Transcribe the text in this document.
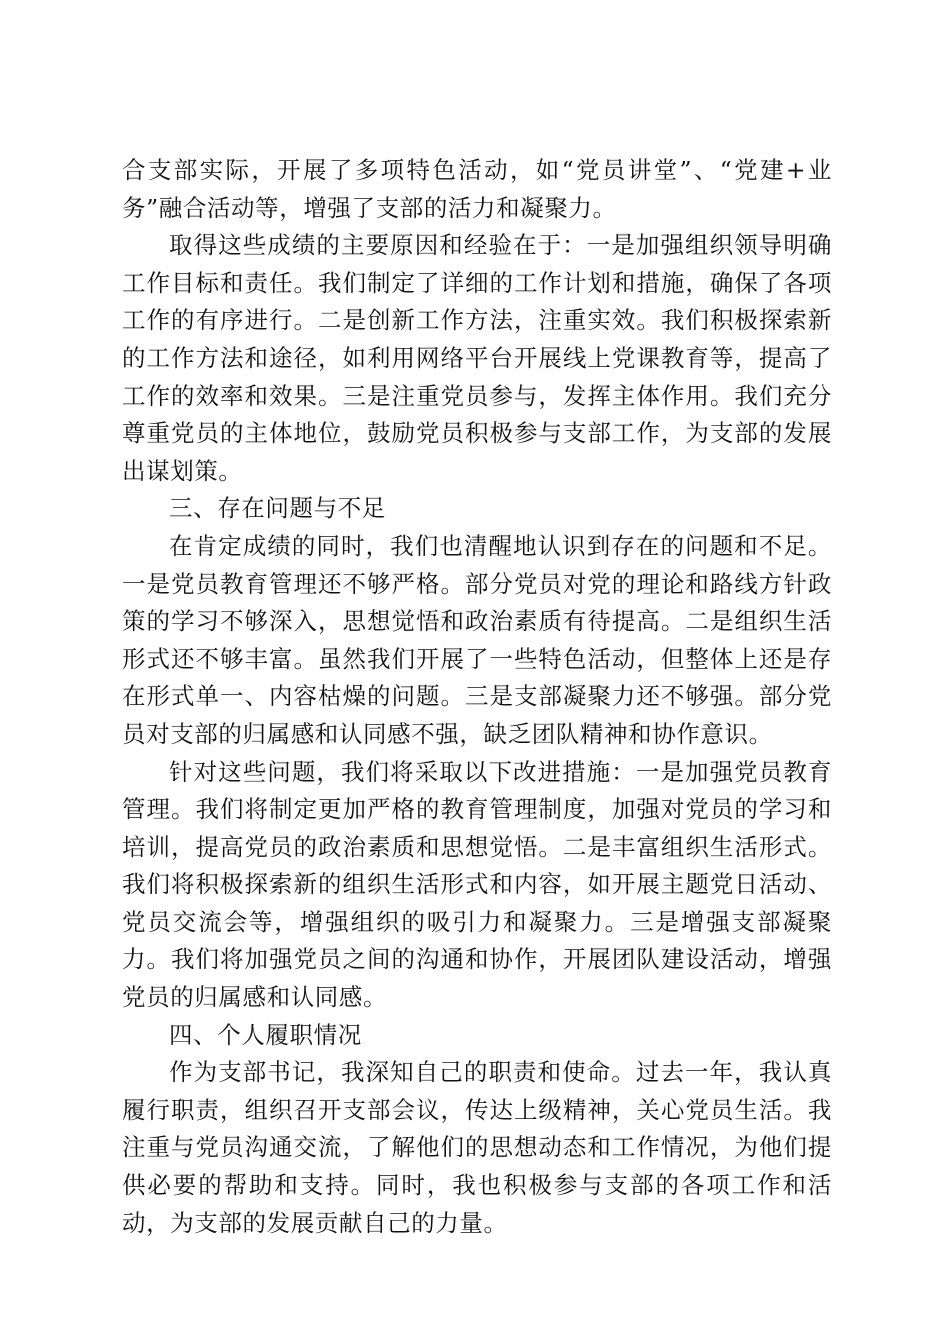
合支部实际，开展了多项特色活动，如“党员讲堂”、“党建+业务”融合活动等，增强了支部的活力和凝聚力。

取得这些成绩的主要原因和经验在于：一是加强组织领导明确工作目标和责任。我们制定了详细的工作计划和措施，确保了各项工作的有序进行。二是创新工作方法，注重实效。我们积极探索新的工作方法和途径，如利用网络平台开展线上党课教育等，提高了工作的效率和效果。三是注重党员参与，发挥主体作用。我们充分尊重党员的主体地位，鼓励党员积极参与支部工作，为支部的发展出谋划策。

三、存在问题与不足

在肯定成绩的同时，我们也清醒地认识到存在的问题和不足。一是党员教育管理还不够严格。部分党员对党的理论和路线方针政策的学习不够深入，思想觉悟和政治素质有待提高。二是组织生活形式还不够丰富。虽然我们开展了一些特色活动，但整体上还是存在形式单一、内容枯燥的问题。三是支部凝聚力还不够强。部分党员对支部的归属感和认同感不强，缺乏团队精神和协作意识。

针对这些问题，我们将采取以下改进措施：一是加强党员教育管理。我们将制定更加严格的教育管理制度，加强对党员的学习和培训，提高党员的政治素质和思想觉悟。二是丰富组织生活形式。我们将积极探索新的组织生活形式和内容，如开展主题党日活动、党员交流会等，增强组织的吸引力和凝聚力。三是增强支部凝聚力。我们将加强党员之间的沟通和协作，开展团队建设活动，增强党员的归属感和认同感。

四、个人履职情况

作为支部书记，我深知自己的职责和使命。过去一年，我认真履行职责，组织召开支部会议，传达上级精神，关心党员生活。我注重与党员沟通交流，了解他们的思想动态和工作情况，为他们提供必要的帮助和支持。同时，我也积极参与支部的各项工作和活动，为支部的发展贡献自己的力量。
